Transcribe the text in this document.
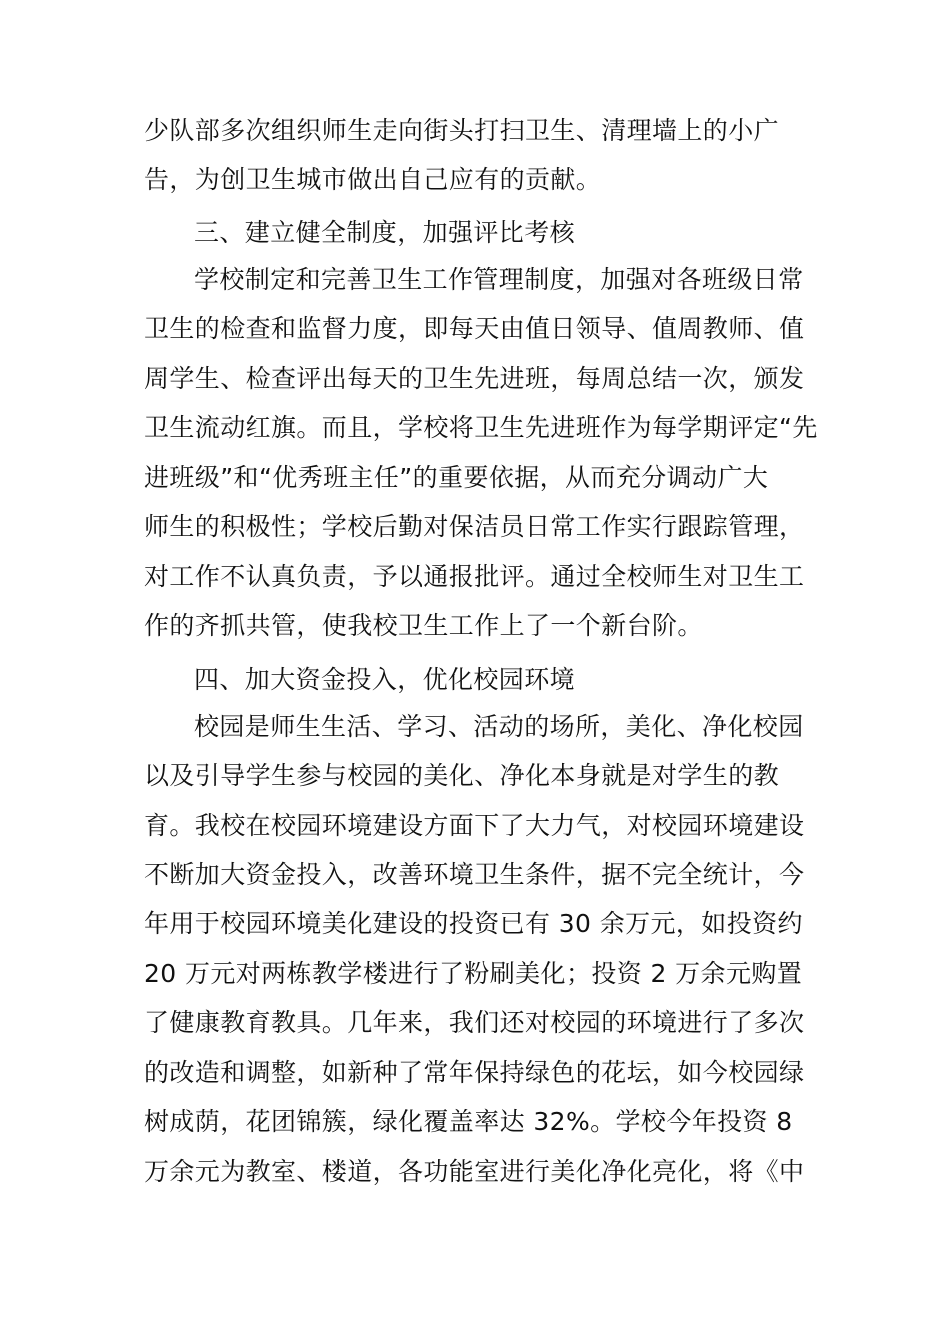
少队部多次组织师生走向街头打扫卫生、清理墙上的小广
告，为创卫生城市做出自己应有的贡献。
三、建立健全制度，加强评比考核
学校制定和完善卫生工作管理制度，加强对各班级日常
卫生的检查和监督力度，即每天由值日领导、值周教师、值
周学生、检查评出每天的卫生先进班，每周总结一次，颁发
卫生流动红旗。而且，学校将卫生先进班作为每学期评定“先
进班级”和“优秀班主任”的重要依据，从而充分调动广大
师生的积极性；学校后勤对保洁员日常工作实行跟踪管理，
对工作不认真负责，予以通报批评。通过全校师生对卫生工
作的齐抓共管，使我校卫生工作上了一个新台阶。
四、加大资金投入，优化校园环境
校园是师生生活、学习、活动的场所，美化、净化校园
以及引导学生参与校园的美化、净化本身就是对学生的教
育。我校在校园环境建设方面下了大力气，对校园环境建设
不断加大资金投入，改善环境卫生条件，据不完全统计，今
年用于校园环境美化建设的投资已有 30 余万元，如投资约
20 万元对两栋教学楼进行了粉刷美化；投资 2 万余元购置
了健康教育教具。几年来，我们还对校园的环境进行了多次
的改造和调整，如新种了常年保持绿色的花坛，如今校园绿
树成荫，花团锦簇，绿化覆盖率达 32%。学校今年投资 8
万余元为教室、楼道，各功能室进行美化净化亮化，将《中
